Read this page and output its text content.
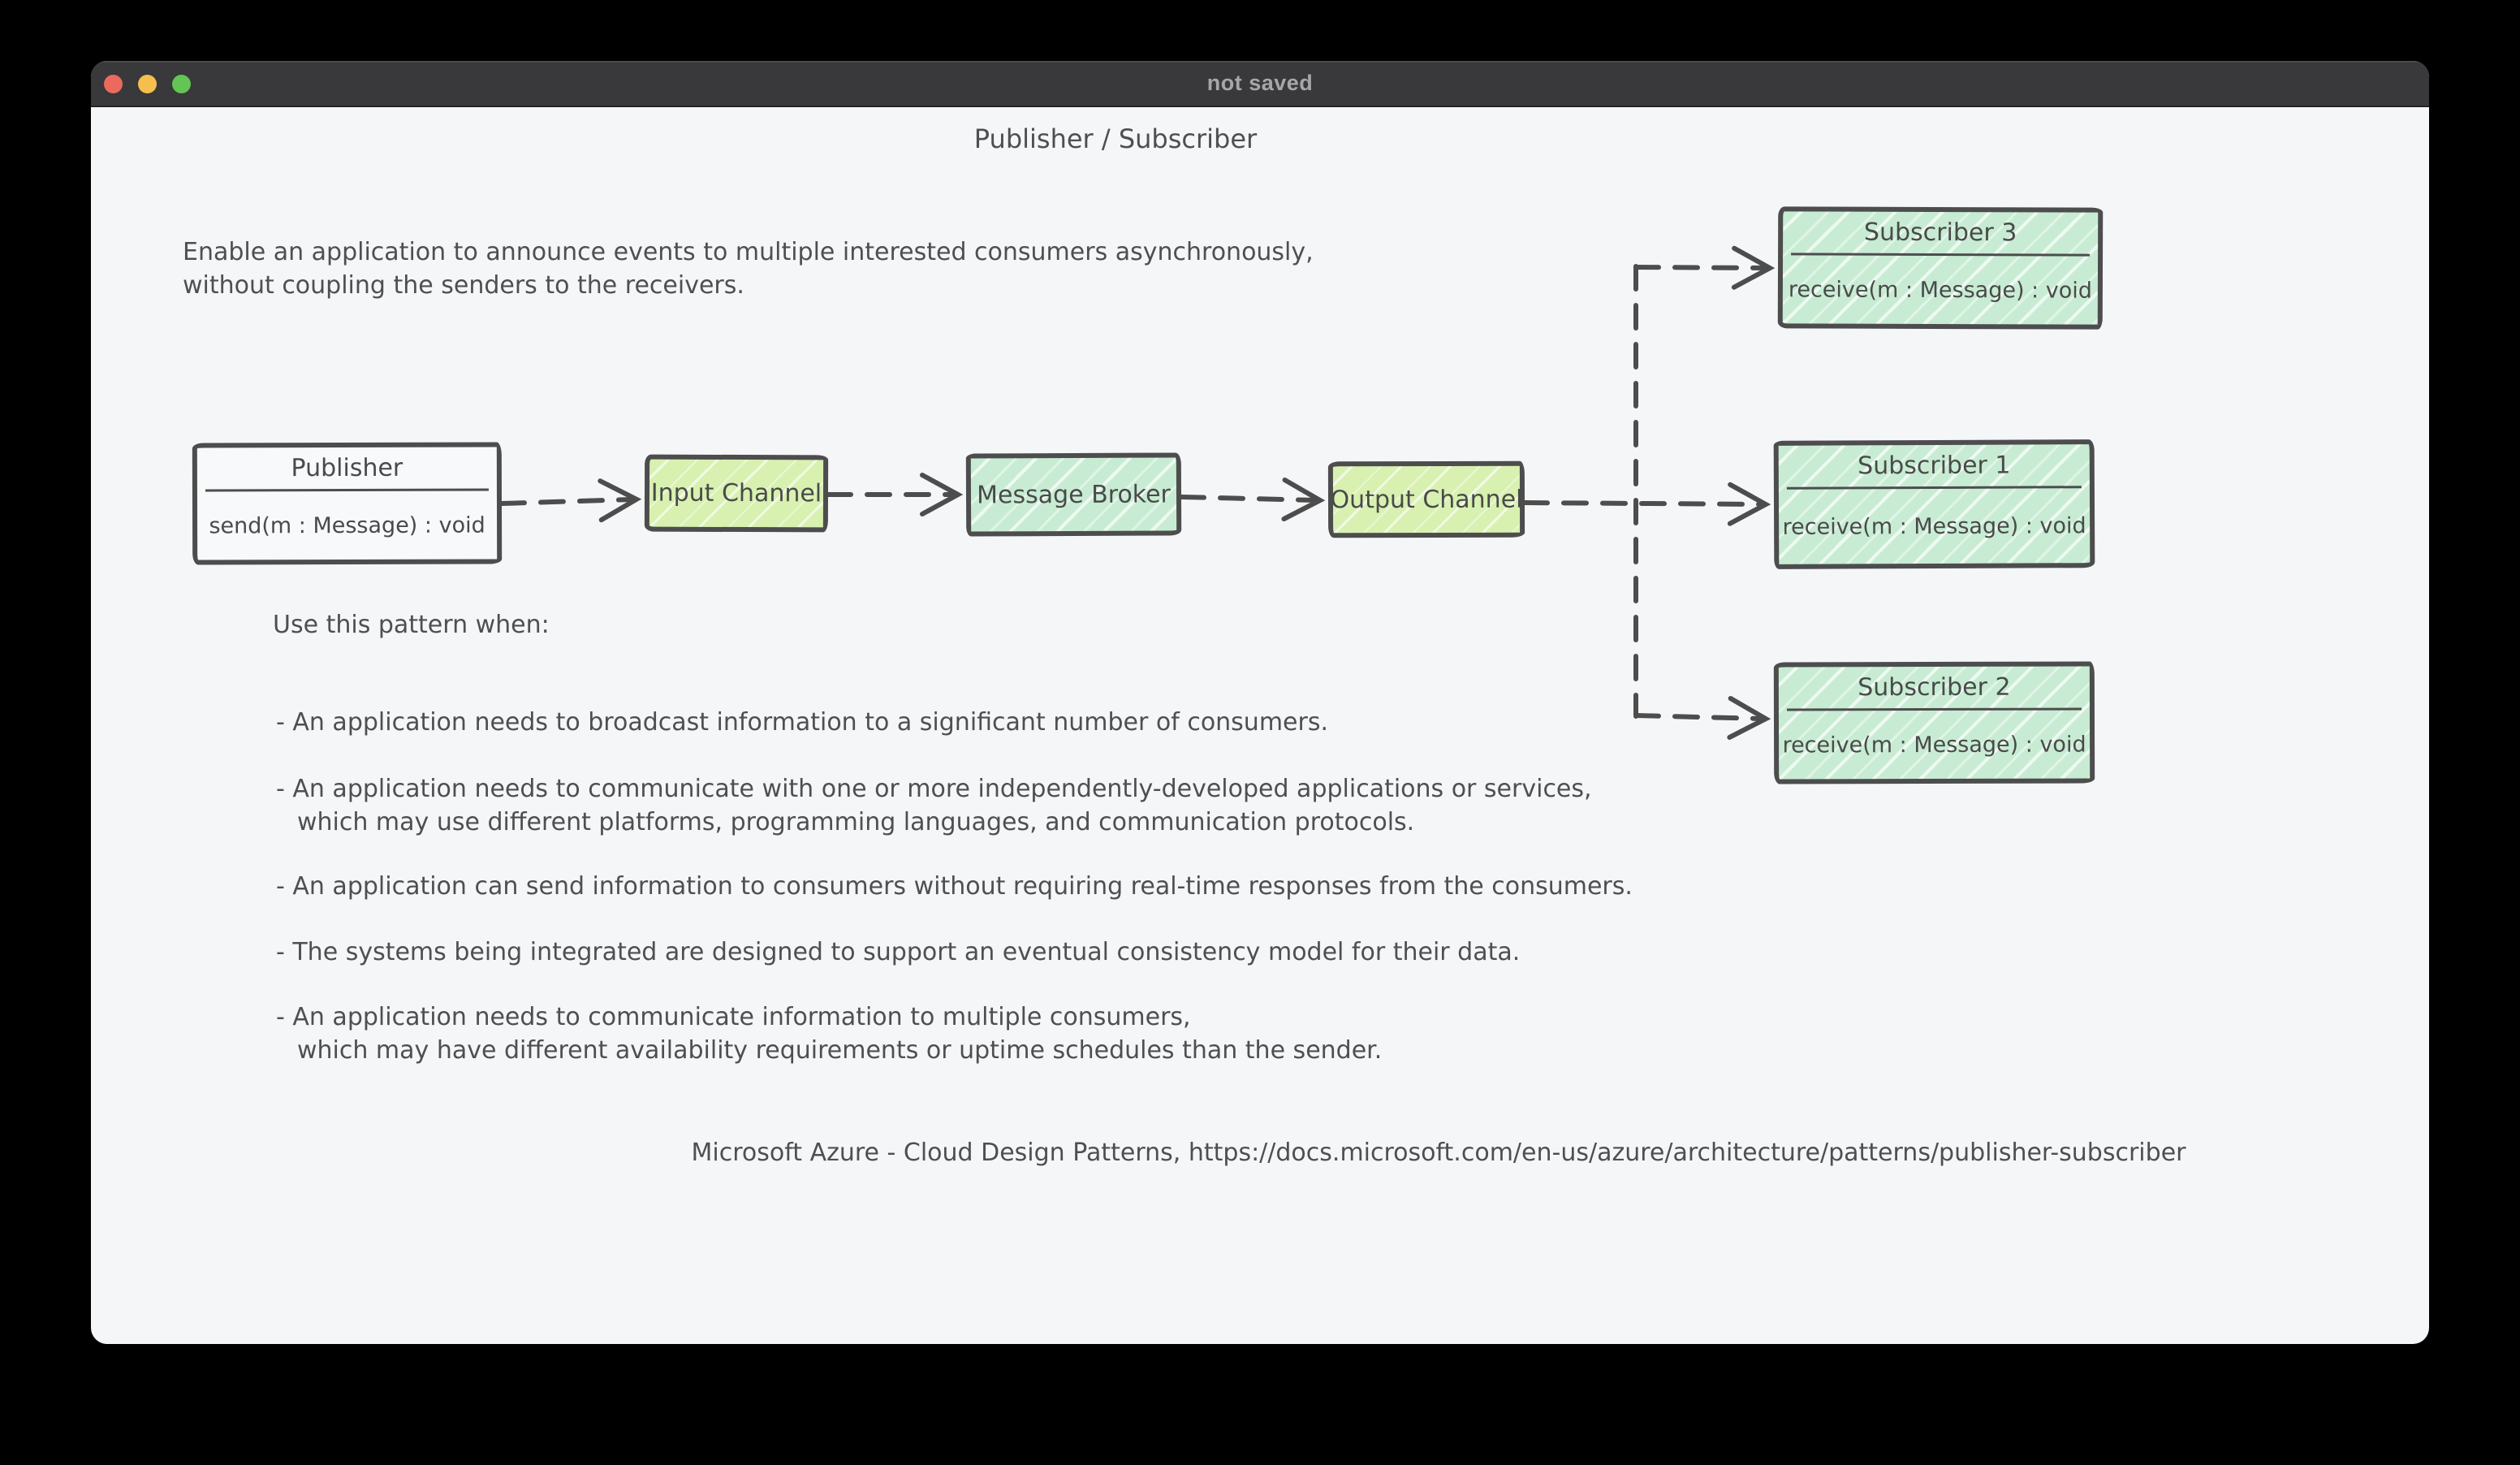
not saved
Publisher / Subscriber
Enable an application to announce events to multiple interested consumers asynchronously,
without coupling the senders to the receivers.
Use this pattern when:
- An application needs to broadcast information to a significant number of consumers.
- An application needs to communicate with one or more independently-developed applications or services,
which may use different platforms, programming languages, and communication protocols.
- An application can send information to consumers without requiring real-time responses from the consumers.
- The systems being integrated are designed to support an eventual consistency model for their data.
- An application needs to communicate information to multiple consumers,
which may have different availability requirements or uptime schedules than the sender.
Microsoft Azure - Cloud Design Patterns, https://docs.microsoft.com/en-us/azure/architecture/patterns/publisher-subscriber
Publisher
send(m : Message) : void
Input Channel	Message Broker	Output Channel
Subscriber 3
receive(m : Message) : void
Subscriber 1
receive(m : Message) : void
Subscriber 2
receive(m : Message) : void
